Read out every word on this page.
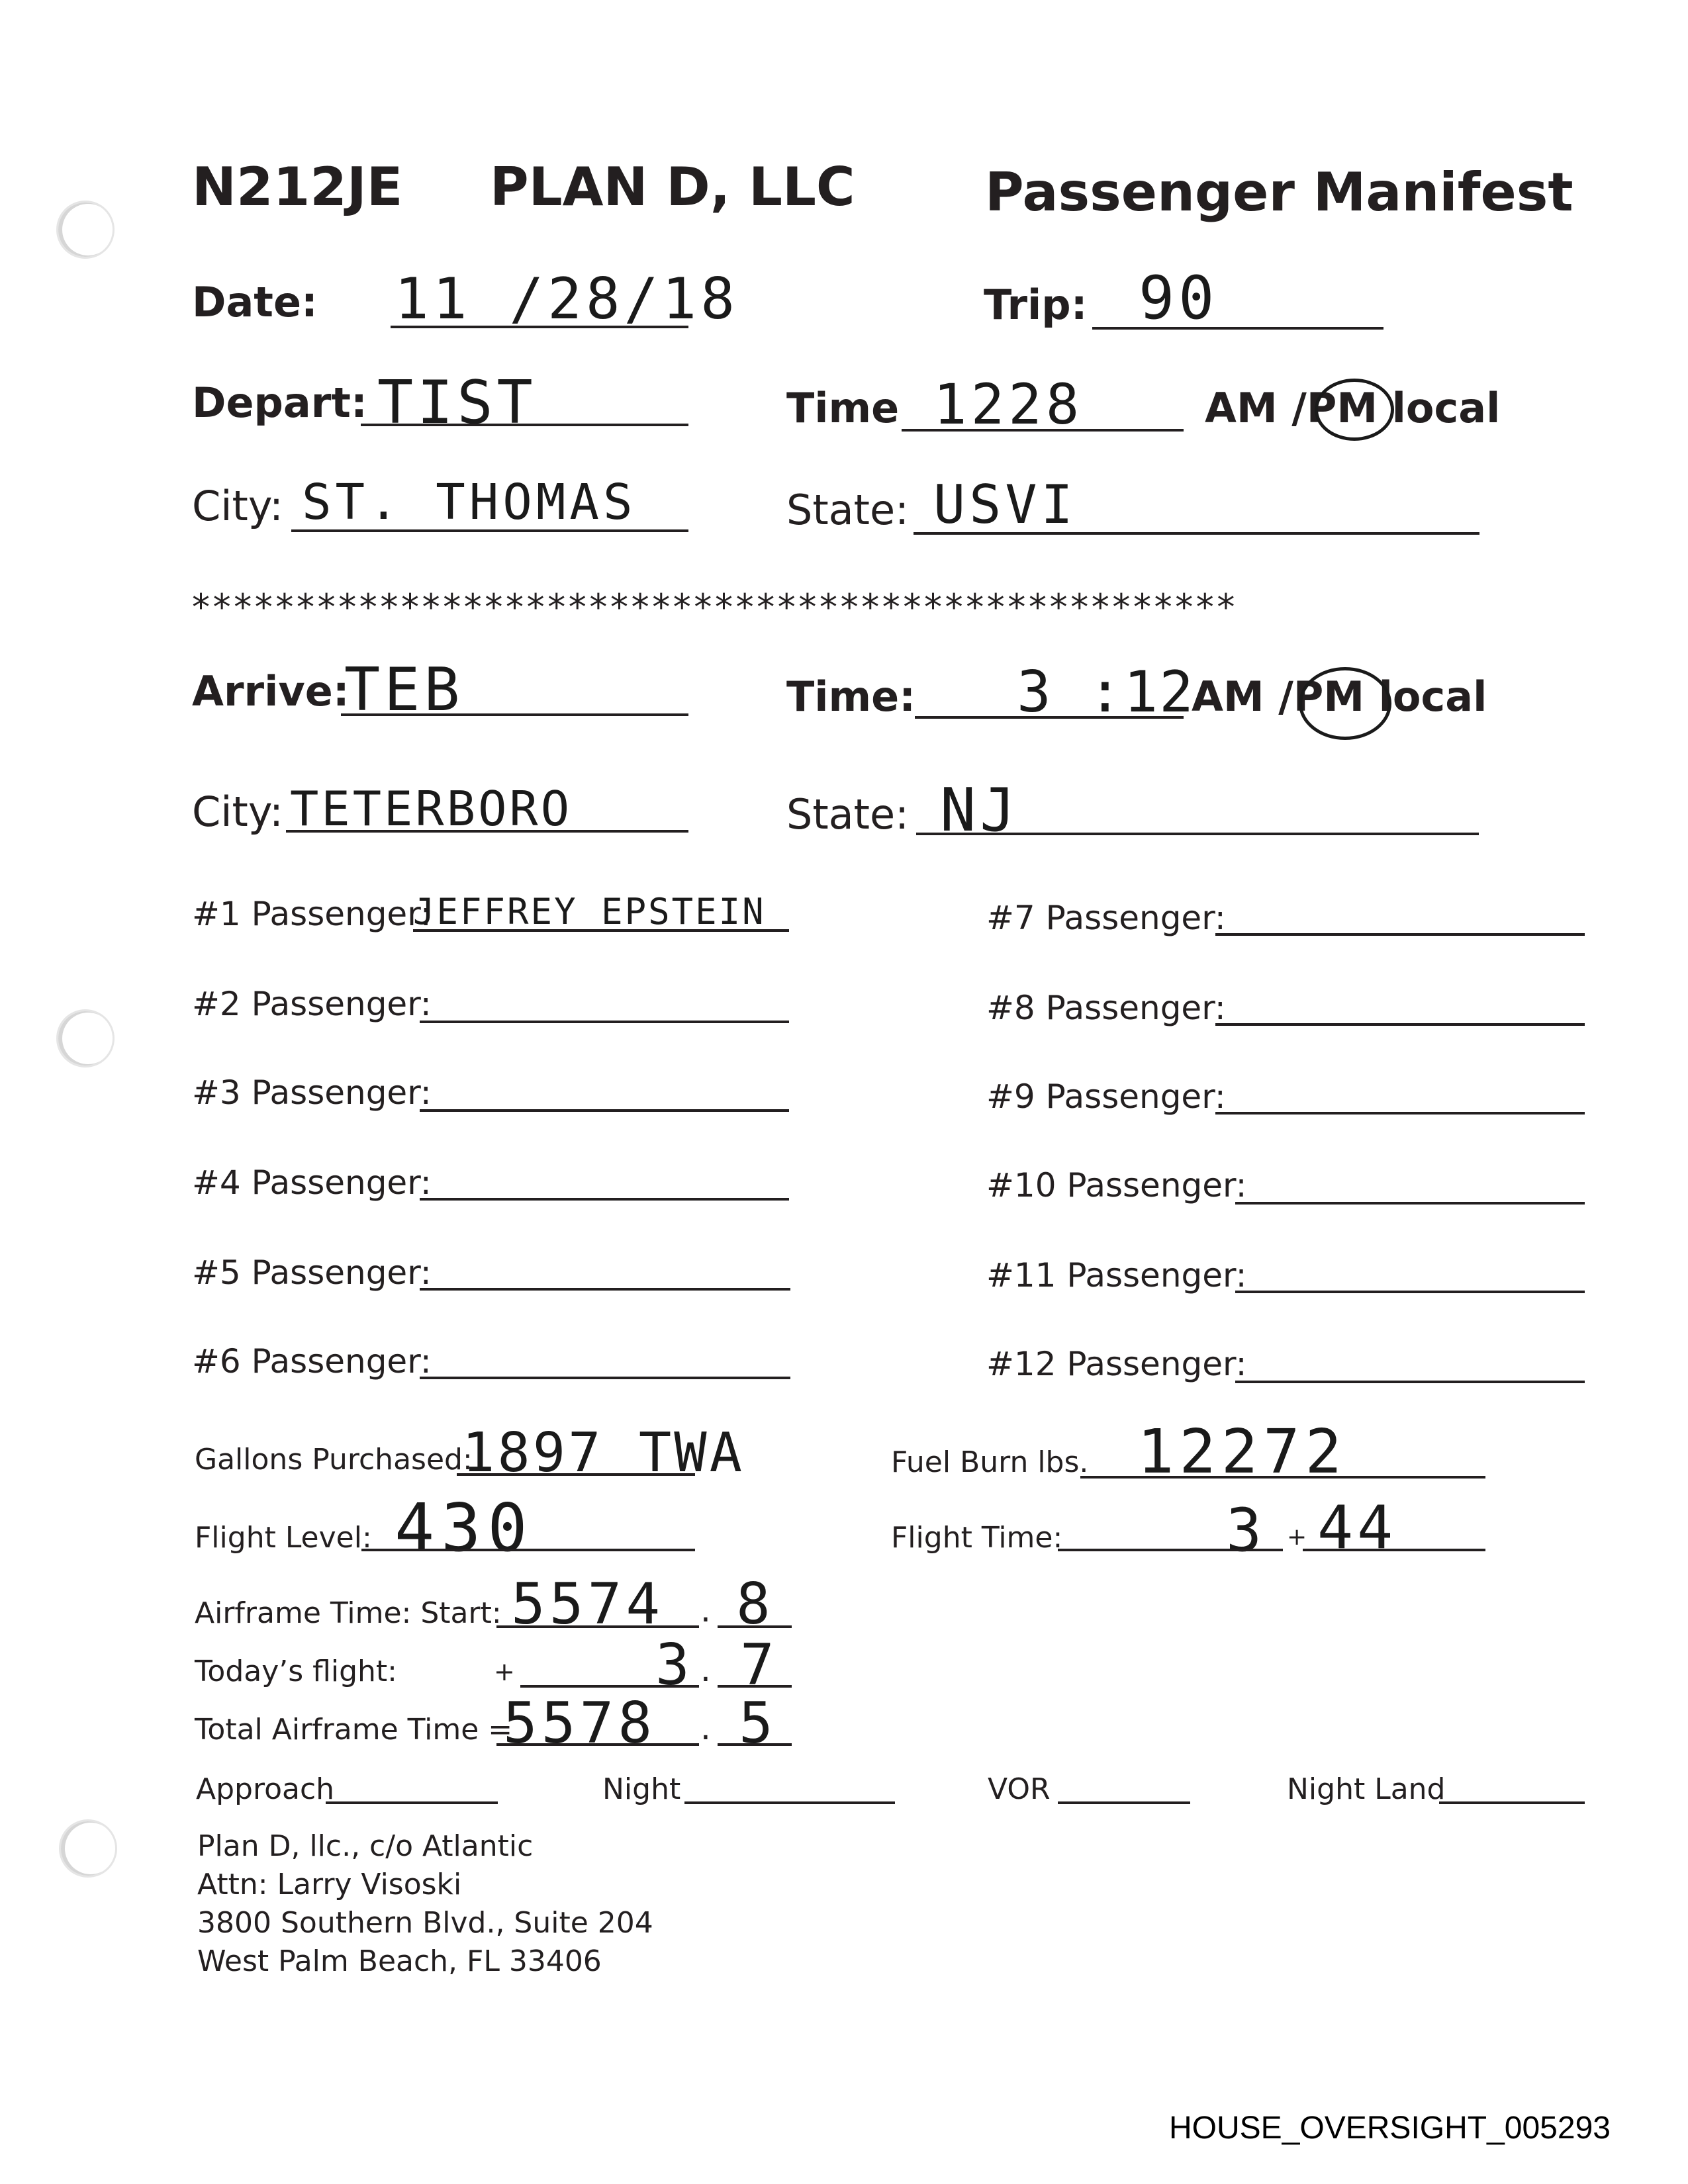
N212JE PLAN D, LLC Passenger Manifest
Date: 11 /28/18	Trip: 90
Depart: TIST	Time 1228	AM /PM local
City: ST. THOMAS	State: USVI
**************************************************
Arrive:
TEB	Time: 3 :12
AM /PM local
City: TETERBORO	State: NJ
#1 Passenger:
JEFFREY EPSTEIN
#2 Passenger:
#3 Passenger:
#4 Passenger:
#5 Passenger:
#6 Passenger:
#7 Passenger:
#8 Passenger:
#9 Passenger:
#10 Passenger:
#11 Passenger:
#12 Passenger:
Gallons Purchased:
1897 TWA	Fuel Burn lbs. 12272
Flight Level: 430	Flight Time:	3 + 44
Airframe Time: Start: 5574 . 8
Today’s flight:	+ 3 . 7
Total Airframe Time =
5578 . 5
Approach	Night	VOR	Night Land
Plan D, llc., c/o Atlantic
Attn: Larry Visoski
3800 Southern Blvd., Suite 204
West Palm Beach, FL 33406
HOUSE_OVERSIGHT_005293
